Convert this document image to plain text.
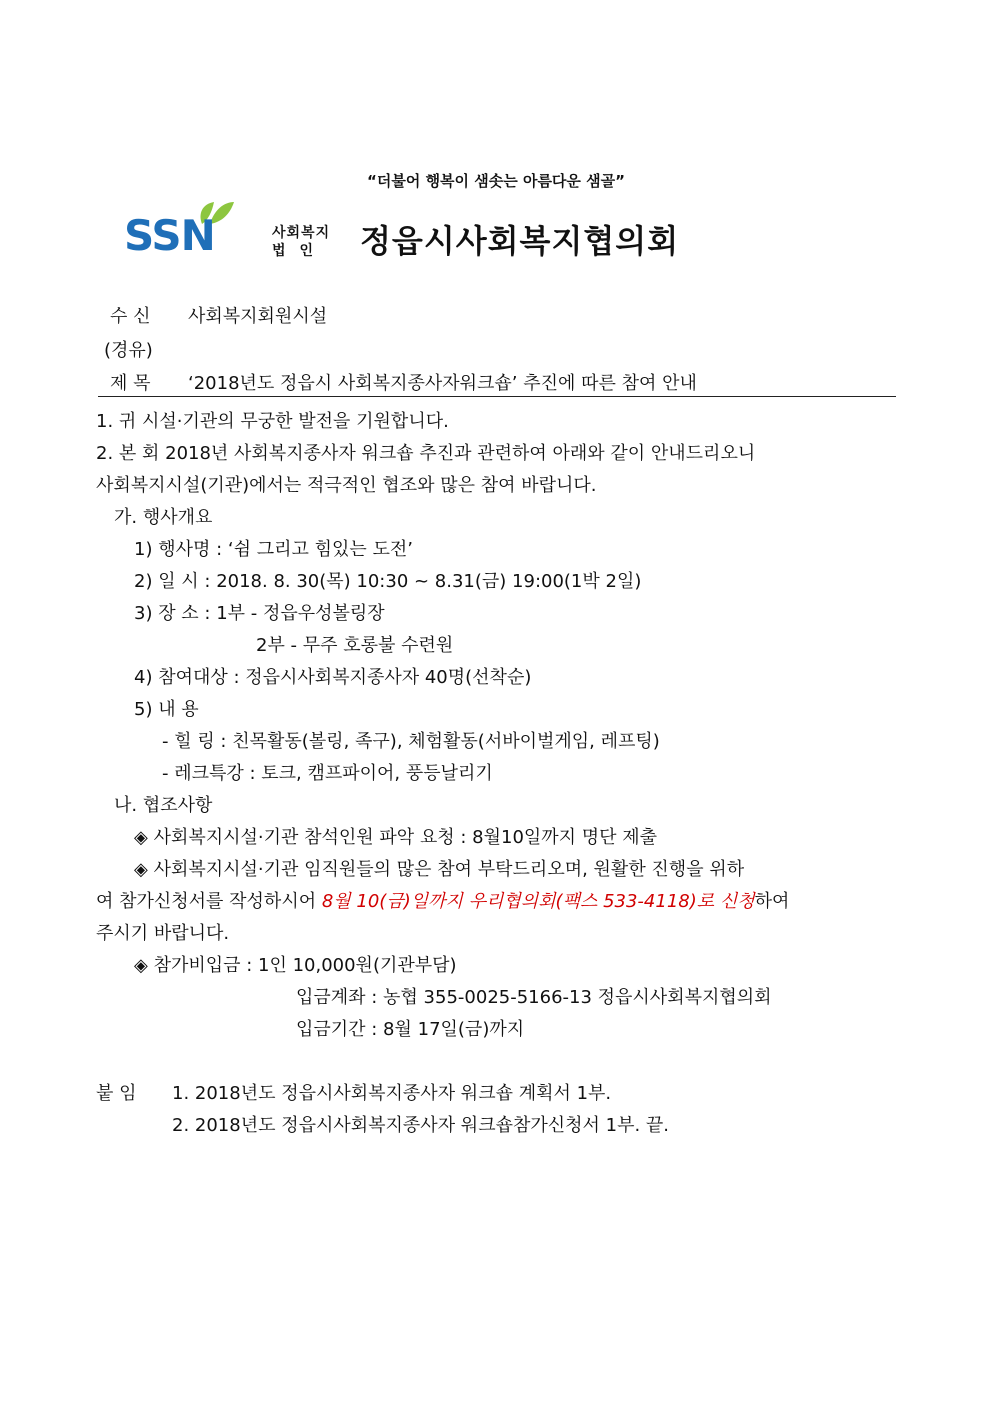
“더불어 행복이 샘솟는 아름다운 샘골”
SSN	사회복지
법인 정읍시사회복지협의회
수 신 사회복지회원시설
(경유)
제 목 ‘2018년도 정읍시 사회복지종사자워크숍’ 추진에 따른 참여 안내
1. 귀 시설·기관의 무궁한 발전을 기원합니다.
2. 본 회 2018년 사회복지종사자 워크숍 추진과 관련하여 아래와 같이 안내드리오니
사회복지시설(기관)에서는 적극적인 협조와 많은 참여 바랍니다.
가. 행사개요
1) 행사명 : ‘쉼 그리고 힘있는 도전’
2) 일 시 : 2018. 8. 30(목) 10:30 ~ 8.31(금) 19:00(1박 2일)
3) 장 소 : 1부 - 정읍우성볼링장
2부 - 무주 호롱불 수련원
4) 참여대상 : 정읍시사회복지종사자 40명(선착순)
5) 내 용
- 힐 링 : 친목활동(볼링, 족구), 체험활동(서바이벌게임, 레프팅)
- 레크특강 : 토크, 캠프파이어, 풍등날리기
나. 협조사항
◈ 사회복지시설·기관 참석인원 파악 요청 : 8월10일까지 명단 제출
◈ 사회복지시설·기관 임직원들의 많은 참여 부탁드리오며, 원활한 진행을 위하
여 참가신청서를 작성하시어 8월 10(금)일까지 우리협의회(팩스 533-4118)로 신청하여
주시기 바랍니다.
◈ 참가비입금 : 1인 10,000원(기관부담)
입금계좌 : 농협 355-0025-5166-13 정읍시사회복지협의회
입금기간 : 8월 17일(금)까지
붙 임 1. 2018년도 정읍시사회복지종사자 워크숍 계획서 1부.
2. 2018년도 정읍시사회복지종사자 워크숍참가신청서 1부. 끝.
